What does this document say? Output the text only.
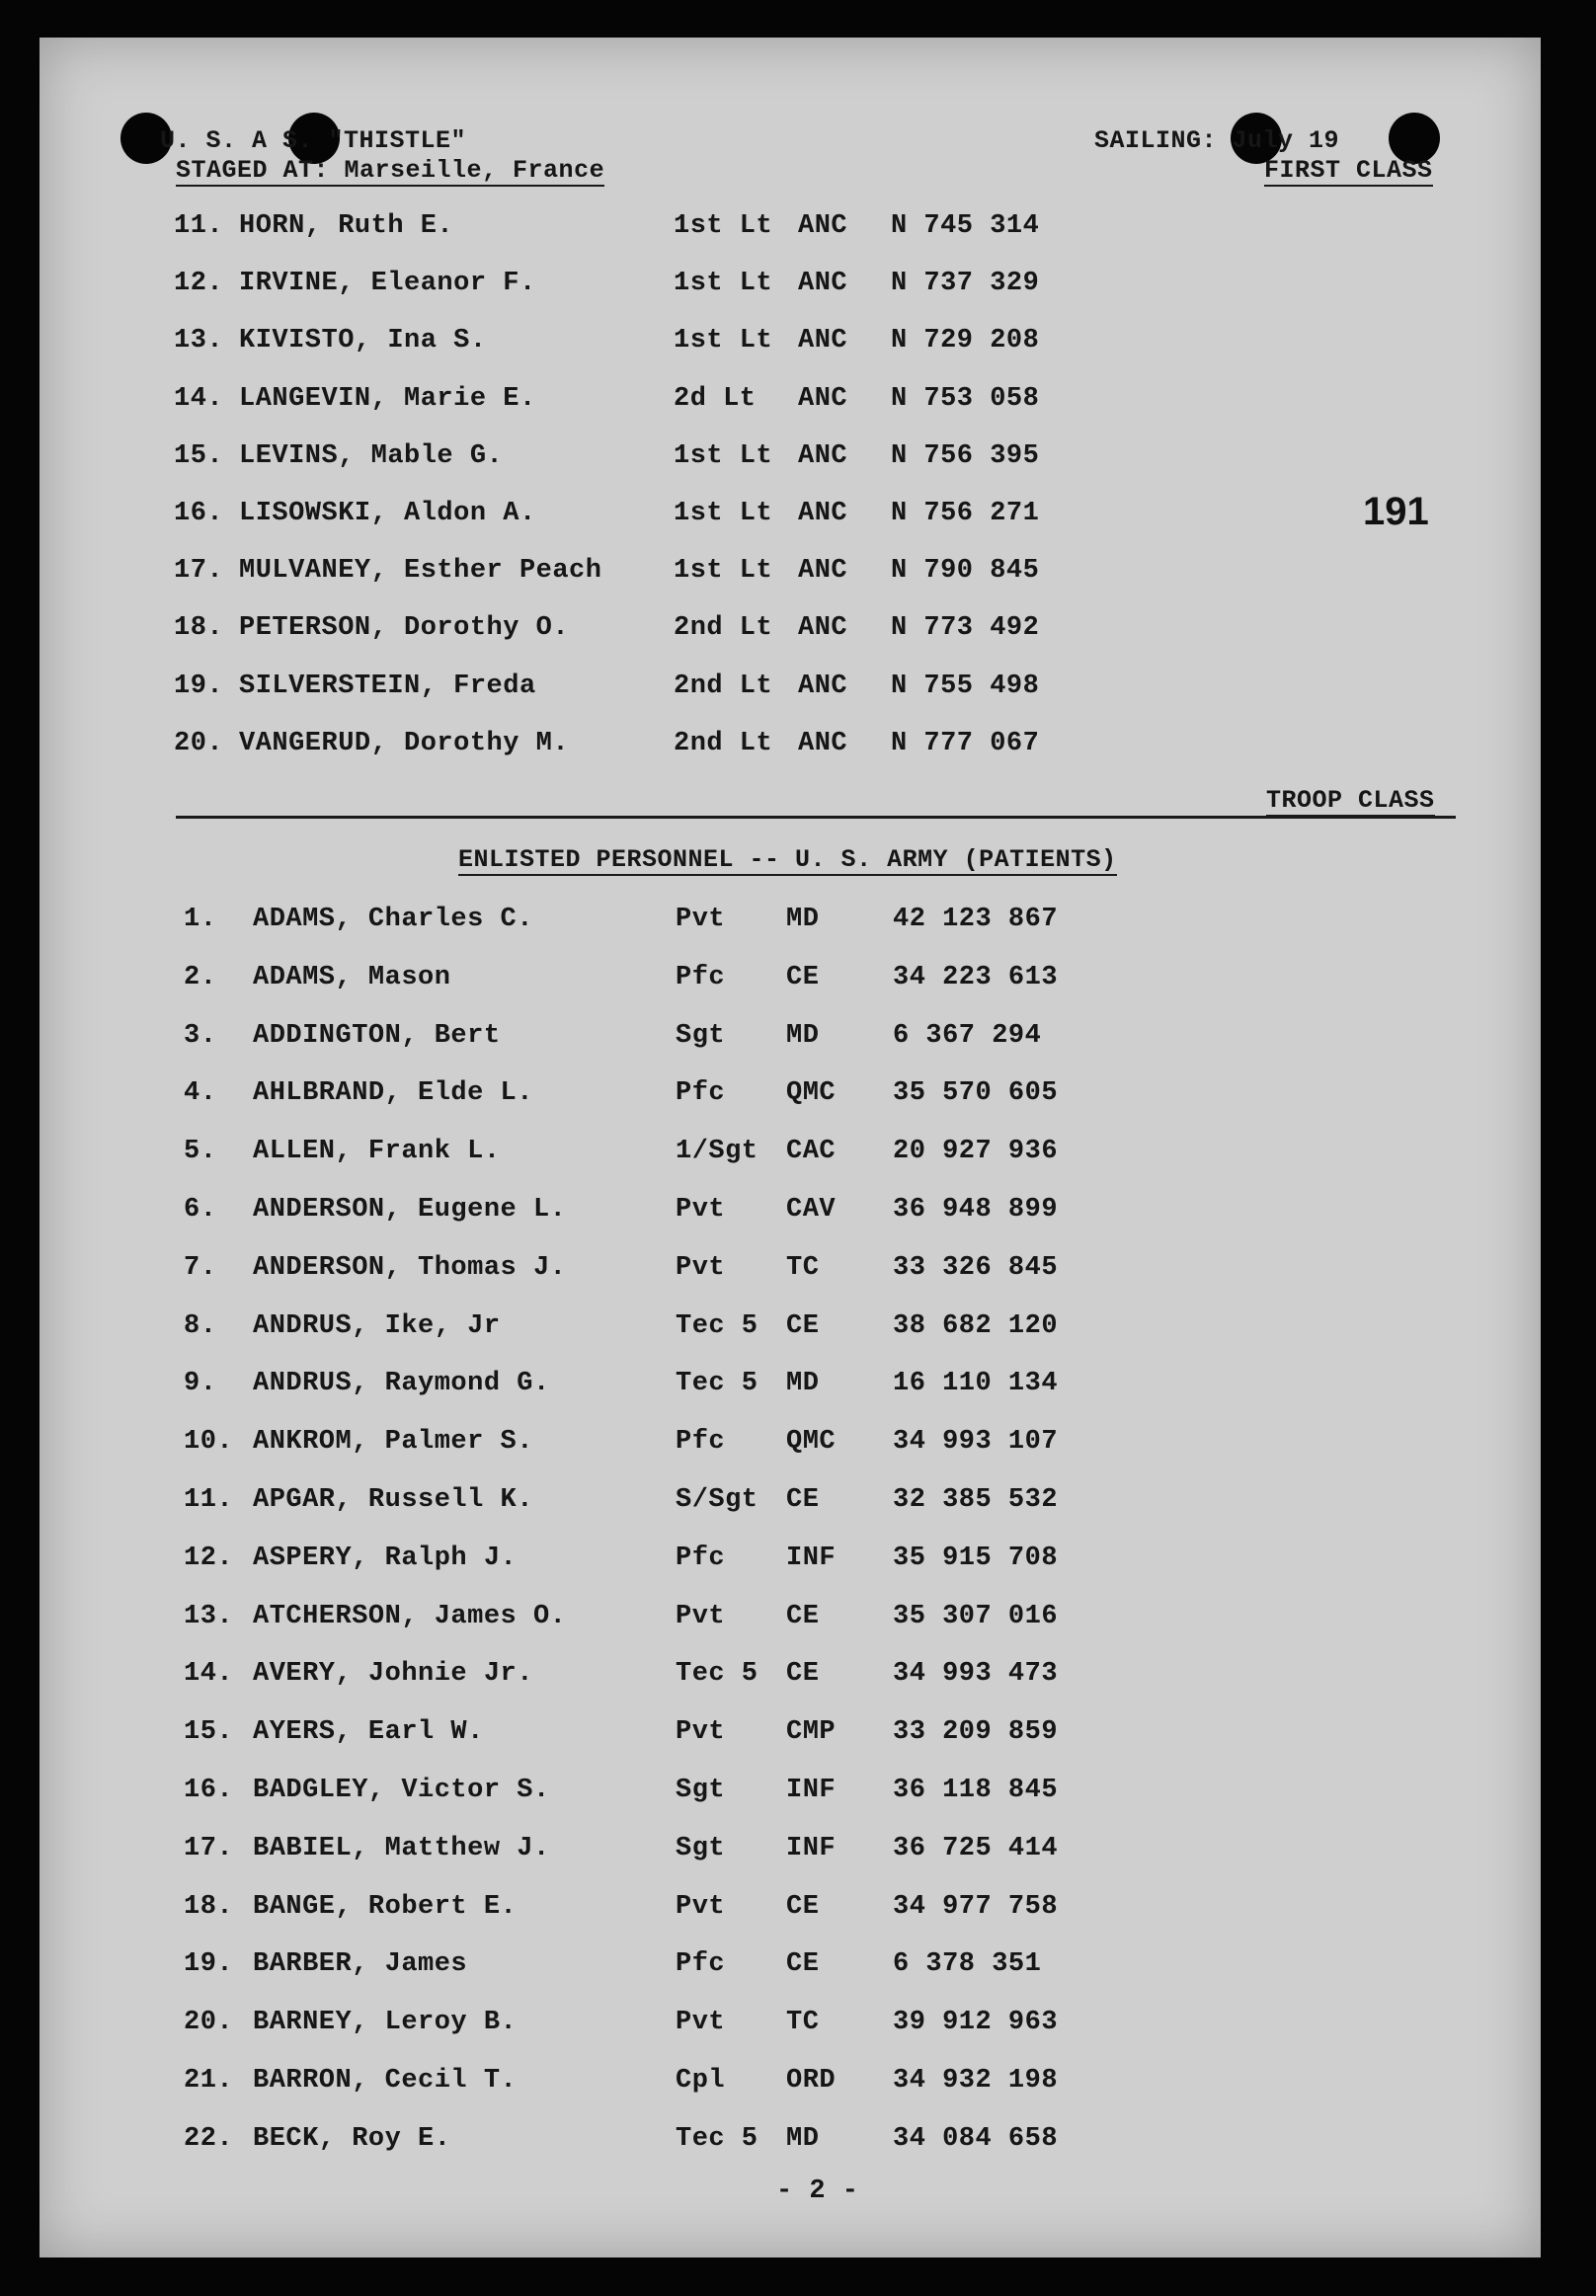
U. S. A S. "THISTLE"
STAGED AT: Marseille, France
SAILING: July 19
FIRST CLASS
11. HORN, Ruth E.	1st Lt ANC N 745 314
12. IRVINE, Eleanor F.	1st Lt ANC N 737 329
13. KIVISTO, Ina S.	1st Lt ANC N 729 208
14. LANGEVIN, Marie E.	2d Lt ANC N 753 058
15. LEVINS, Mable G.	1st Lt ANC N 756 395
16. LISOWSKI, Aldon A.	1st Lt ANC N 756 271
17. MULVANEY, Esther Peach	1st Lt ANC N 790 845
18. PETERSON, Dorothy O.	2nd Lt ANC N 773 492
19. SILVERSTEIN, Freda	2nd Lt ANC N 755 498
20. VANGERUD, Dorothy M.	2nd Lt ANC N 777 067
191
TROOP CLASS
ENLISTED PERSONNEL -- U. S. ARMY (PATIENTS)
1. ADAMS, Charles C.	Pvt MD	42 123 867
2. ADAMS, Mason	Pfc CE	34 223 613
3. ADDINGTON, Bert	Sgt MD	6 367 294
4. AHLBRAND, Elde L.	Pfc QMC 35 570 605
5. ALLEN, Frank L.	1/Sgt CAC 20 927 936
6. ANDERSON, Eugene L.	Pvt CAV 36 948 899
7. ANDERSON, Thomas J.	Pvt TC	33 326 845
8. ANDRUS, Ike, Jr	Tec 5 CE	38 682 120
9. ANDRUS, Raymond G.	Tec 5 MD	16 110 134
10. ANKROM, Palmer S.	Pfc QMC 34 993 107
11. APGAR, Russell K.	S/Sgt CE	32 385 532
12. ASPERY, Ralph J.	Pfc INF 35 915 708
13. ATCHERSON, James O.	Pvt CE	35 307 016
14. AVERY, Johnie Jr.	Tec 5 CE	34 993 473
15. AYERS, Earl W.	Pvt CMP 33 209 859
16. BADGLEY, Victor S.	Sgt INF 36 118 845
17. BABIEL, Matthew J.	Sgt INF 36 725 414
18. BANGE, Robert E.	Pvt CE	34 977 758
19. BARBER, James	Pfc CE	6 378 351
20. BARNEY, Leroy B.	Pvt TC	39 912 963
21. BARRON, Cecil T.	Cpl ORD 34 932 198
22. BECK, Roy E.	Tec 5 MD	34 084 658
- 2 -
